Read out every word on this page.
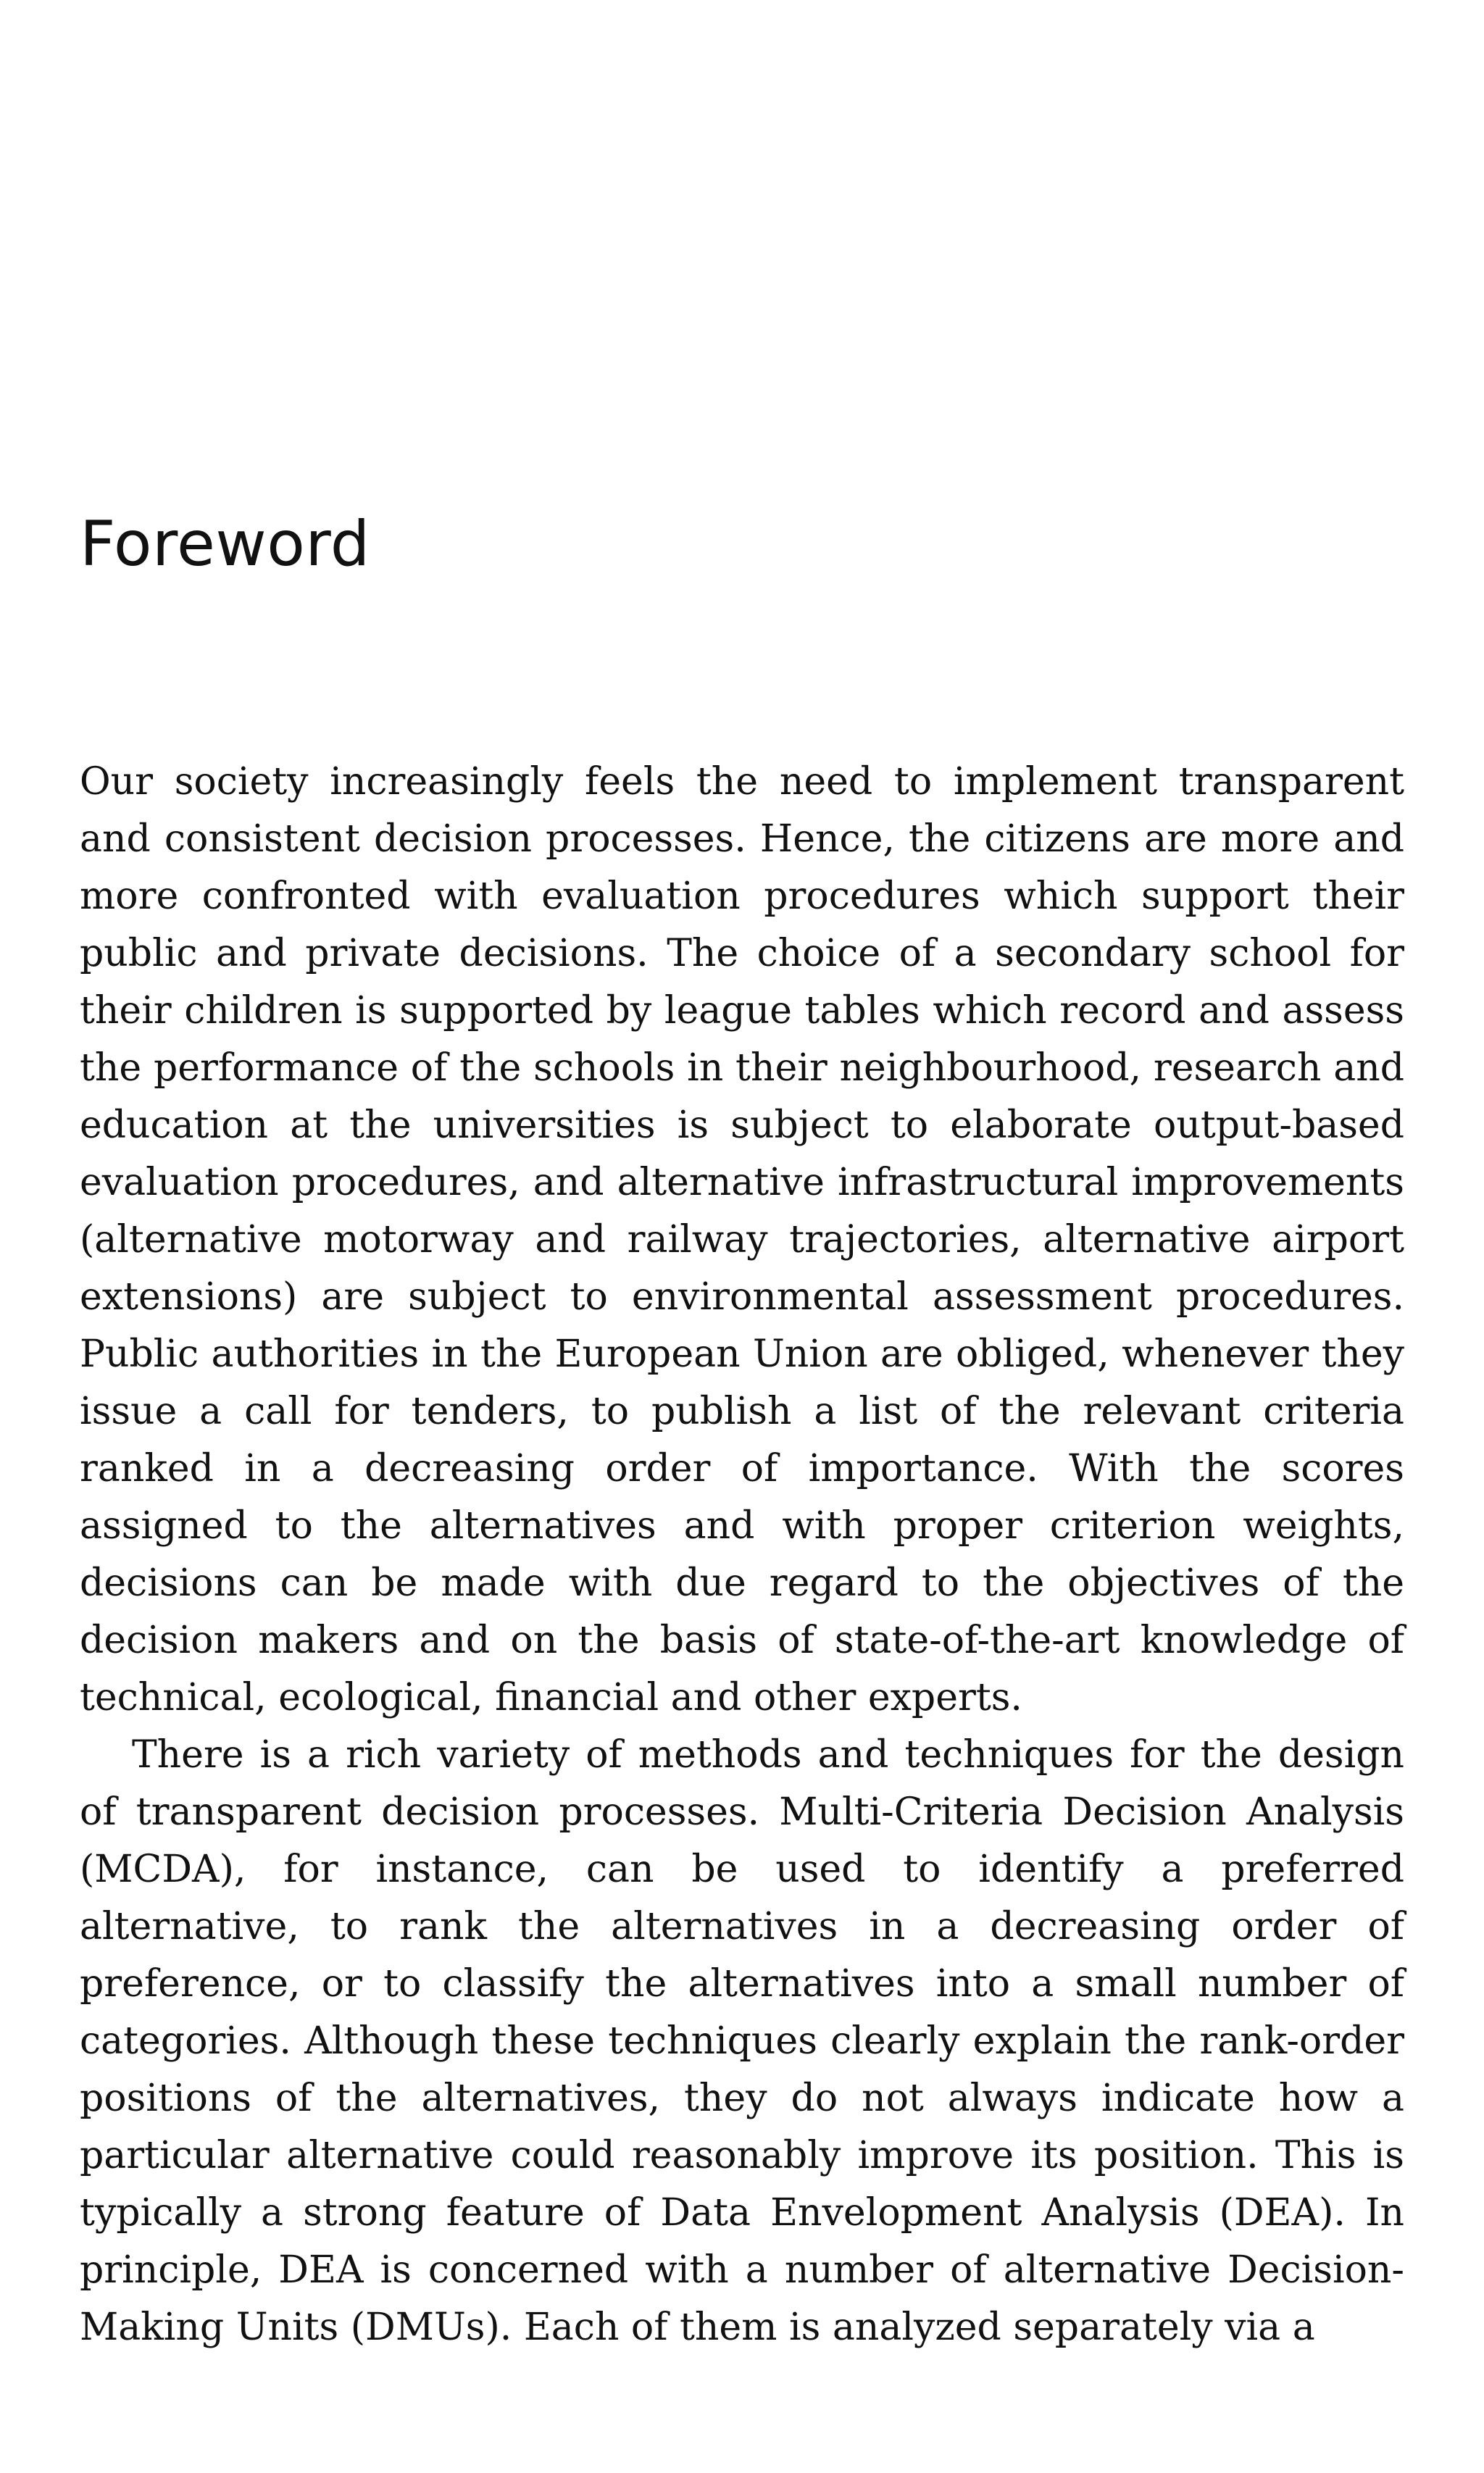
Foreword

Our society increasingly feels the need to implement transparent and consistent decision processes. Hence, the citizens are more and more confronted with evaluation procedures which support their public and private decisions. The choice of a secondary school for their children is supported by league tables which record and assess the performance of the schools in their neighbourhood, research and education at the universities is subject to elaborate output-based evaluation procedures, and alternative infrastructural improvements (alternative motorway and railway trajectories, alternative airport extensions) are subject to environmental assessment procedures. Public authorities in the European Union are obliged, whenever they issue a call for tenders, to publish a list of the relevant criteria ranked in a decreasing order of importance. With the scores assigned to the alternatives and with proper criterion weights, decisions can be made with due regard to the objectives of the decision makers and on the basis of state-of-the-art knowledge of technical, ecological, financial and other experts.

There is a rich variety of methods and techniques for the design of transparent decision processes. Multi-Criteria Decision Analysis (MCDA), for instance, can be used to identify a preferred alternative, to rank the alternatives in a decreasing order of preference, or to classify the alternatives into a small number of categories. Although these techniques clearly explain the rank-order positions of the alternatives, they do not always indicate how a particular alternative could reasonably improve its position. This is typically a strong feature of Data Envelopment Analysis (DEA). In principle, DEA is concerned with a number of alternative Decision-Making Units (DMUs). Each of them is analyzed separately via a
